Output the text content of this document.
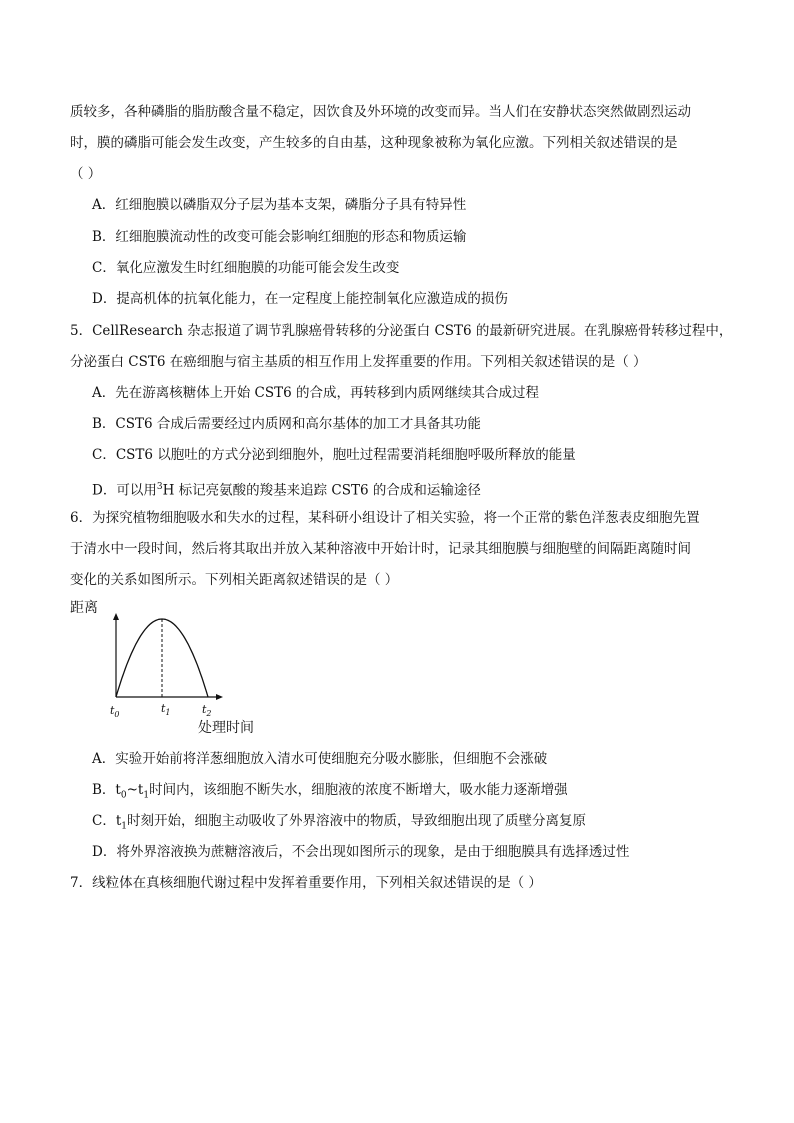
质较多，各种磷脂的脂肪酸含量不稳定，因饮食及外环境的改变而异。当人们在安静状态突然做剧烈运动
时，膜的磷脂可能会发生改变，产生较多的自由基，这种现象被称为氧化应激。下列相关叙述错误的是
（ ）
A．红细胞膜以磷脂双分子层为基本支架，磷脂分子具有特异性
B．红细胞膜流动性的改变可能会影响红细胞的形态和物质运输
C．氧化应激发生时红细胞膜的功能可能会发生改变
D．提高机体的抗氧化能力，在一定程度上能控制氧化应激造成的损伤
5．CellResearch 杂志报道了调节乳腺癌骨转移的分泌蛋白 CST6 的最新研究进展。在乳腺癌骨转移过程中，
分泌蛋白 CST6 在癌细胞与宿主基质的相互作用上发挥重要的作用。下列相关叙述错误的是（ ）
A．先在游离核糖体上开始 CST6 的合成，再转移到内质网继续其合成过程
B．CST6 合成后需要经过内质网和高尔基体的加工才具备其功能
C．CST6 以胞吐的方式分泌到细胞外，胞吐过程需要消耗细胞呼吸所释放的能量
D．可以用$^3$H 标记亮氨酸的羧基来追踪 CST6 的合成和运输途径
6．为探究植物细胞吸水和失水的过程，某科研小组设计了相关实验，将一个正常的紫色洋葱表皮细胞先置
于清水中一段时间，然后将其取出并放入某种溶液中开始计时，记录其细胞膜与细胞壁的间隔距离随时间
变化的关系如图所示。下列相关距离叙述错误的是（ ）
距离
$t_0$	$t_1$	$t_2$
处理时间
A．实验开始前将洋葱细胞放入清水可使细胞充分吸水膨胀，但细胞不会涨破
B．$t_0\sim t_1$时间内，该细胞不断失水，细胞液的浓度不断增大，吸水能力逐渐增强
C．$t_1$时刻开始，细胞主动吸收了外界溶液中的物质，导致细胞出现了质壁分离复原
D．将外界溶液换为蔗糖溶液后，不会出现如图所示的现象，是由于细胞膜具有选择透过性
7．线粒体在真核细胞代谢过程中发挥着重要作用，下列相关叙述错误的是（ ）
